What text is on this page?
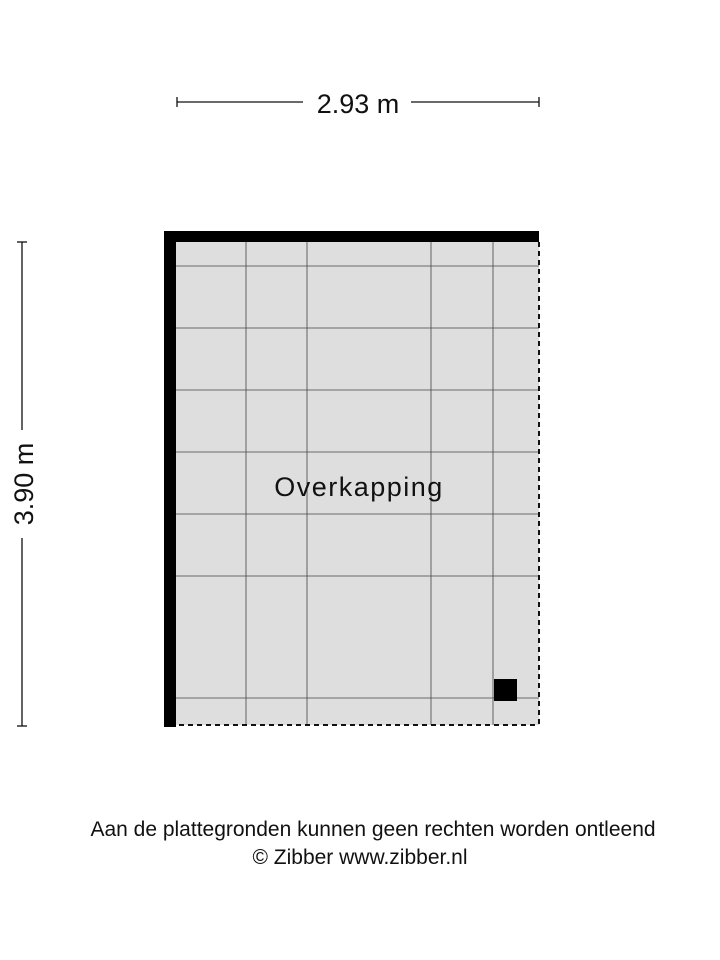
Overkapping
2.93 m
3.90 m
Aan de plattegronden kunnen geen rechten worden ontleend
© Zibber www.zibber.nl
